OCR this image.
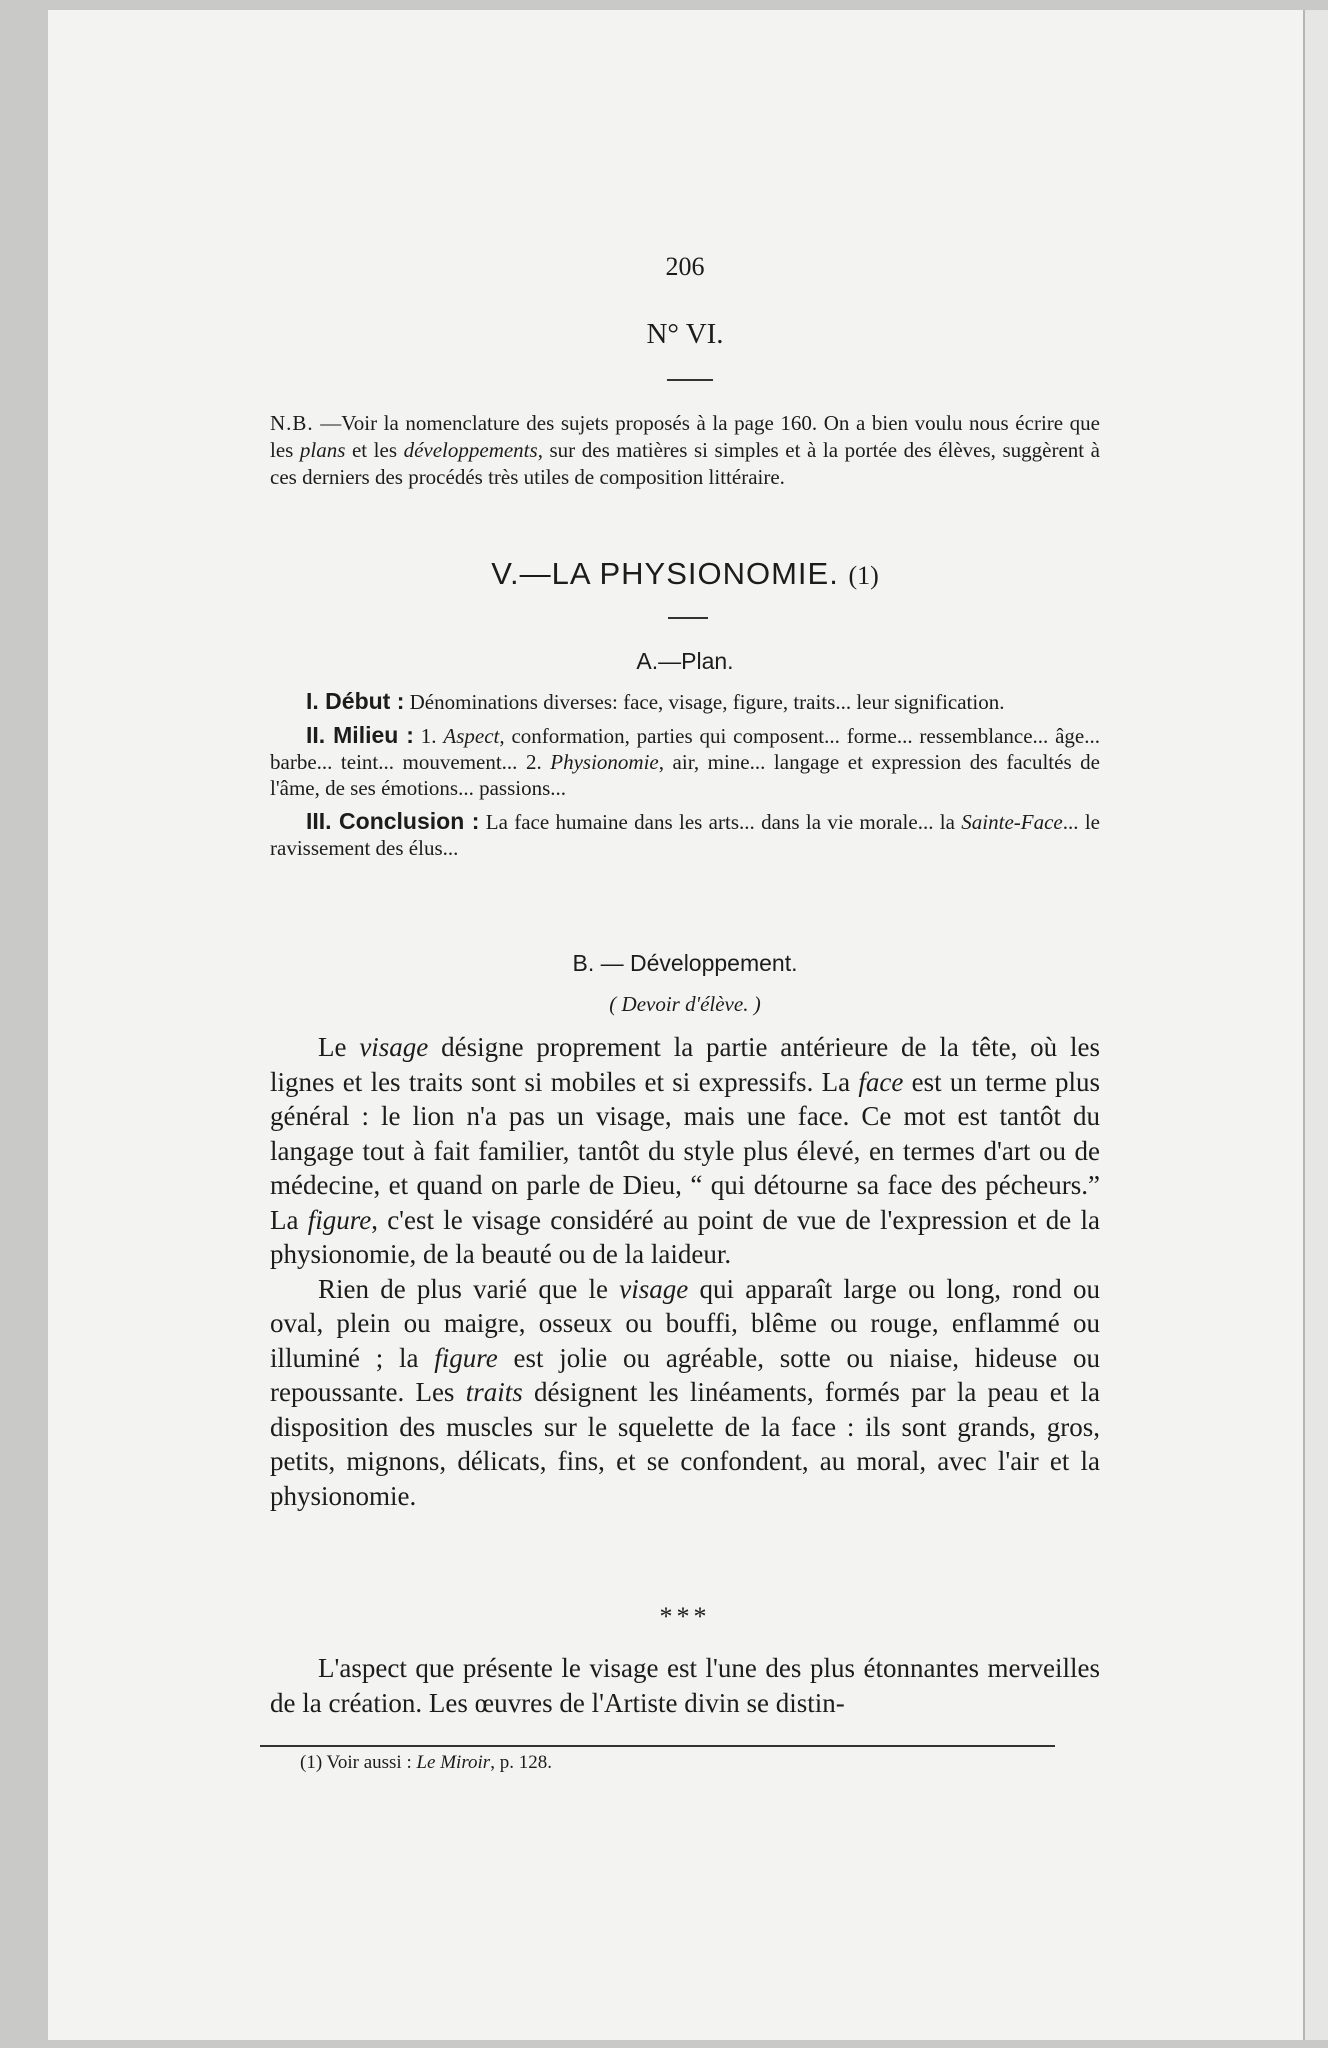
206
N° VI.
N.B. —Voir la nomenclature des sujets proposés à la page 160. On a bien voulu nous écrire que les plans et les développements, sur des matières si simples et à la portée des élèves, suggèrent à ces derniers des procédés très utiles de composition littéraire.
V.—LA PHYSIONOMIE. (1)
A.—Plan.

I. Début : Dénominations diverses: face, visage, figure, traits... leur signification.

II. Milieu : 1. Aspect, conformation, parties qui composent... forme... ressemblance... âge... barbe... teint... mouvement... 2. Physionomie, air, mine... langage et expression des facultés de l'âme, de ses émotions... passions...

III. Conclusion : La face humaine dans les arts... dans la vie morale... la Sainte-Face... le ravissement des élus...

B. — Développement.
( Devoir d'élève. )

Le visage désigne proprement la partie antérieure de la tête, où les lignes et les traits sont si mobiles et si expressifs. La face est un terme plus général : le lion n'a pas un visage, mais une face. Ce mot est tantôt du langage tout à fait familier, tantôt du style plus élevé, en termes d'art ou de médecine, et quand on parle de Dieu, “ qui détourne sa face des pécheurs.” La figure, c'est le visage considéré au point de vue de l'expression et de la physionomie, de la beauté ou de la laideur.

Rien de plus varié que le visage qui apparaît large ou long, rond ou oval, plein ou maigre, osseux ou bouffi, blême ou rouge, enflammé ou illuminé ; la figure est jolie ou agréable, sotte ou niaise, hideuse ou repoussante. Les traits désignent les linéaments, formés par la peau et la disposition des muscles sur le squelette de la face : ils sont grands, gros, petits, mignons, délicats, fins, et se confondent, au moral, avec l'air et la physionomie.

***

L'aspect que présente le visage est l'une des plus étonnantes merveilles de la création. Les œuvres de l'Artiste divin se distin-

(1) Voir aussi : Le Miroir, p. 128.
